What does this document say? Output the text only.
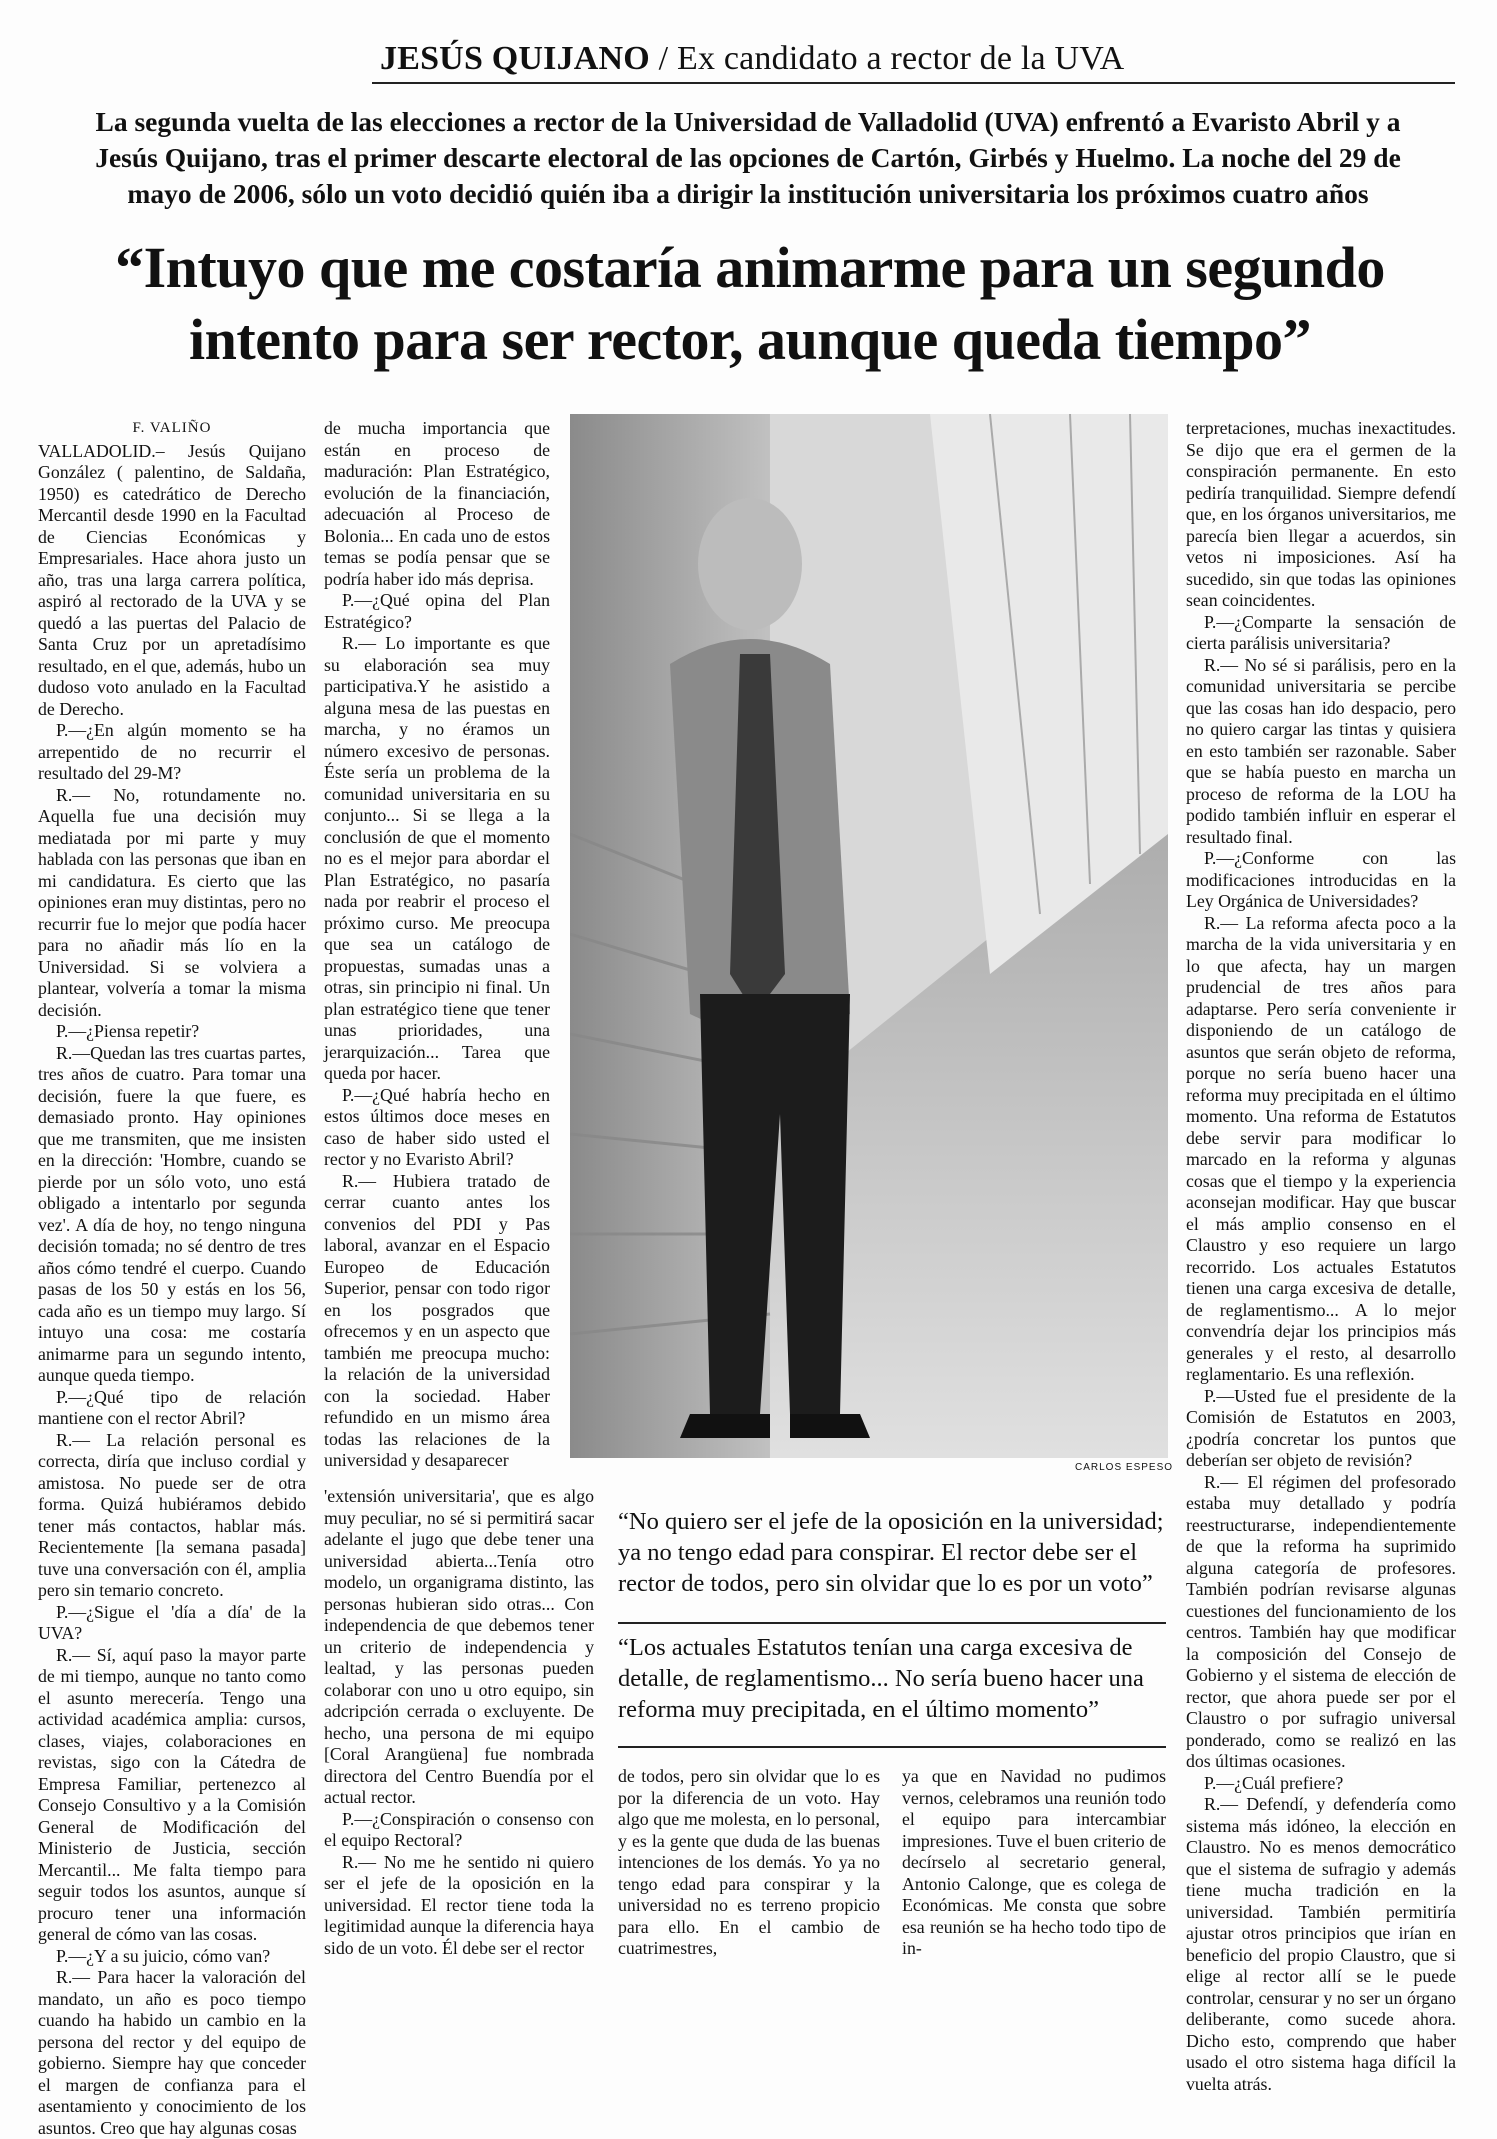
JESÚS QUIJANO / Ex candidato a rector de la UVA
La segunda vuelta de las elecciones a rector de la Universidad de Valladolid (UVA) enfrentó a Evaristo Abril y a Jesús Quijano, tras el primer descarte electoral de las opciones de Cartón, Girbés y Huelmo. La noche del 29 de mayo de 2006, sólo un voto decidió quién iba a dirigir la institución universitaria los próximos cuatro años
“Intuyo que me costaría animarme para un segundo intento para ser rector, aunque queda tiempo”
F. VALIÑO

VALLADOLID.– Jesús Quijano González ( palentino, de Saldaña, 1950) es catedrático de Derecho Mercantil desde 1990 en la Facultad de Ciencias Económicas y Empresariales. Hace ahora justo un año, tras una larga carrera política, aspiró al rectorado de la UVA y se quedó a las puertas del Palacio de Santa Cruz por un apretadísimo resultado, en el que, además, hubo un dudoso voto anulado en la Facultad de Derecho.

P.—¿En algún momento se ha arrepentido de no recurrir el resultado del 29-M?

R.— No, rotundamente no. Aquella fue una decisión muy mediatada por mi parte y muy hablada con las personas que iban en mi candidatura. Es cierto que las opiniones eran muy distintas, pero no recurrir fue lo mejor que podía hacer para no añadir más lío en la Universidad. Si se volviera a plantear, volvería a tomar la misma decisión.

P.—¿Piensa repetir?

R.—Quedan las tres cuartas partes, tres años de cuatro. Para tomar una decisión, fuere la que fuere, es demasiado pronto. Hay opiniones que me transmiten, que me insisten en la dirección: 'Hombre, cuando se pierde por un sólo voto, uno está obligado a intentarlo por segunda vez'. A día de hoy, no tengo ninguna decisión tomada; no sé dentro de tres años cómo tendré el cuerpo. Cuando pasas de los 50 y estás en los 56, cada año es un tiempo muy largo. Sí intuyo una cosa: me costaría animarme para un segundo intento, aunque queda tiempo.

P.—¿Qué tipo de relación mantiene con el rector Abril?

R.— La relación personal es correcta, diría que incluso cordial y amistosa. No puede ser de otra forma. Quizá hubiéramos debido tener más contactos, hablar más. Recientemente [la semana pasada] tuve una conversación con él, amplia pero sin temario concreto.

P.—¿Sigue el 'día a día' de la UVA?

R.— Sí, aquí paso la mayor parte de mi tiempo, aunque no tanto como el asunto merecería. Tengo una actividad académica amplia: cursos, clases, viajes, colaboraciones en revistas, sigo con la Cátedra de Empresa Familiar, pertenezco al Consejo Consultivo y a la Comisión General de Modificación del Ministerio de Justicia, sección Mercantil... Me falta tiempo para seguir todos los asuntos, aunque sí procuro tener una información general de cómo van las cosas.

P.—¿Y a su juicio, cómo van?

R.— Para hacer la valoración del mandato, un año es poco tiempo cuando ha habido un cambio en la persona del rector y del equipo de gobierno. Siempre hay que conceder el margen de confianza para el asentamiento y conocimiento de los asuntos. Creo que hay algunas cosas

de mucha importancia que están en proceso de maduración: Plan Estratégico, evolución de la financiación, adecuación al Proceso de Bolonia... En cada uno de estos temas se podía pensar que se podría haber ido más deprisa.

P.—¿Qué opina del Plan Estratégico?

R.— Lo importante es que su elaboración sea muy participativa.Y he asistido a alguna mesa de las puestas en marcha, y no éramos un número excesivo de personas. Éste sería un problema de la comunidad universitaria en su conjunto... Si se llega a la conclusión de que el momento no es el mejor para abordar el Plan Estratégico, no pasaría nada por reabrir el proceso el próximo curso. Me preocupa que sea un catálogo de propuestas, sumadas unas a otras, sin principio ni final. Un plan estratégico tiene que tener unas prioridades, una jerarquización... Tarea que queda por hacer.

P.—¿Qué habría hecho en estos últimos doce meses en caso de haber sido usted el rector y no Evaristo Abril?

R.— Hubiera tratado de cerrar cuanto antes los convenios del PDI y Pas laboral, avanzar en el Espacio Europeo de Educación Superior, pensar con todo rigor en los posgrados que ofrecemos y en un aspecto que también me preocupa mucho: la relación de la universidad con la sociedad. Haber refundido en un mismo área todas las relaciones de la universidad y desaparecer

'extensión universitaria', que es algo muy peculiar, no sé si permitirá sacar adelante el jugo que debe tener una universidad abierta...Tenía otro modelo, un organigrama distinto, las personas hubieran sido otras... Con independencia de que debemos tener un criterio de independencia y lealtad, y las personas pueden colaborar con uno u otro equipo, sin adcripción cerrada o excluyente. De hecho, una persona de mi equipo [Coral Arangüena] fue nombrada directora del Centro Buendía por el actual rector.

P.—¿Conspiración o consenso con el equipo Rectoral?

R.— No me he sentido ni quiero ser el jefe de la oposición en la universidad. El rector tiene toda la legitimidad aunque la diferencia haya sido de un voto. Él debe ser el rector

CARLOS ESPESO
“No quiero ser el jefe de la oposición en la universidad; ya no tengo edad para conspirar. El rector debe ser el rector de todos, pero sin olvidar que lo es por un voto”
“Los actuales Estatutos tenían una carga excesiva de detalle, de reglamentismo... No sería bueno hacer una reforma muy precipitada, en el último momento”

de todos, pero sin olvidar que lo es por la diferencia de un voto. Hay algo que me molesta, en lo personal, y es la gente que duda de las buenas intenciones de los demás. Yo ya no tengo edad para conspirar y la universidad no es terreno propicio para ello. En el cambio de cuatrimestres,

ya que en Navidad no pudimos vernos, celebramos una reunión todo el equipo para intercambiar impresiones. Tuve el buen criterio de decírselo al secretario general, Antonio Calonge, que es colega de Económicas. Me consta que sobre esa reunión se ha hecho todo tipo de in-

terpretaciones, muchas inexactitudes. Se dijo que era el germen de la conspiración permanente. En esto pediría tranquilidad. Siempre defendí que, en los órganos universitarios, me parecía bien llegar a acuerdos, sin vetos ni imposiciones. Así ha sucedido, sin que todas las opiniones sean coincidentes.

P.—¿Comparte la sensación de cierta parálisis universitaria?

R.— No sé si parálisis, pero en la comunidad universitaria se percibe que las cosas han ido despacio, pero no quiero cargar las tintas y quisiera en esto también ser razonable. Saber que se había puesto en marcha un proceso de reforma de la LOU ha podido también influir en esperar el resultado final.

P.—¿Conforme con las modificaciones introducidas en la Ley Orgánica de Universidades?

R.— La reforma afecta poco a la marcha de la vida universitaria y en lo que afecta, hay un margen prudencial de tres años para adaptarse. Pero sería conveniente ir disponiendo de un catálogo de asuntos que serán objeto de reforma, porque no sería bueno hacer una reforma muy precipitada en el último momento. Una reforma de Estatutos debe servir para modificar lo marcado en la reforma y algunas cosas que el tiempo y la experiencia aconsejan modificar. Hay que buscar el más amplio consenso en el Claustro y eso requiere un largo recorrido. Los actuales Estatutos tienen una carga excesiva de detalle, de reglamentismo... A lo mejor convendría dejar los principios más generales y el resto, al desarrollo reglamentario. Es una reflexión.

P.—Usted fue el presidente de la Comisión de Estatutos en 2003, ¿podría concretar los puntos que deberían ser objeto de revisión?

R.— El régimen del profesorado estaba muy detallado y podría reestructurarse, independientemente de que la reforma ha suprimido alguna categoría de profesores. También podrían revisarse algunas cuestiones del funcionamiento de los centros. También hay que modificar la composición del Consejo de Gobierno y el sistema de elección de rector, que ahora puede ser por el Claustro o por sufragio universal ponderado, como se realizó en las dos últimas ocasiones.

P.—¿Cuál prefiere?

R.— Defendí, y defendería como sistema más idóneo, la elección en Claustro. No es menos democrático que el sistema de sufragio y además tiene mucha tradición en la universidad. También permitiría ajustar otros principios que irían en beneficio del propio Claustro, que si elige al rector allí se le puede controlar, censurar y no ser un órgano deliberante, como sucede ahora. Dicho esto, comprendo que haber usado el otro sistema haga difícil la vuelta atrás.
